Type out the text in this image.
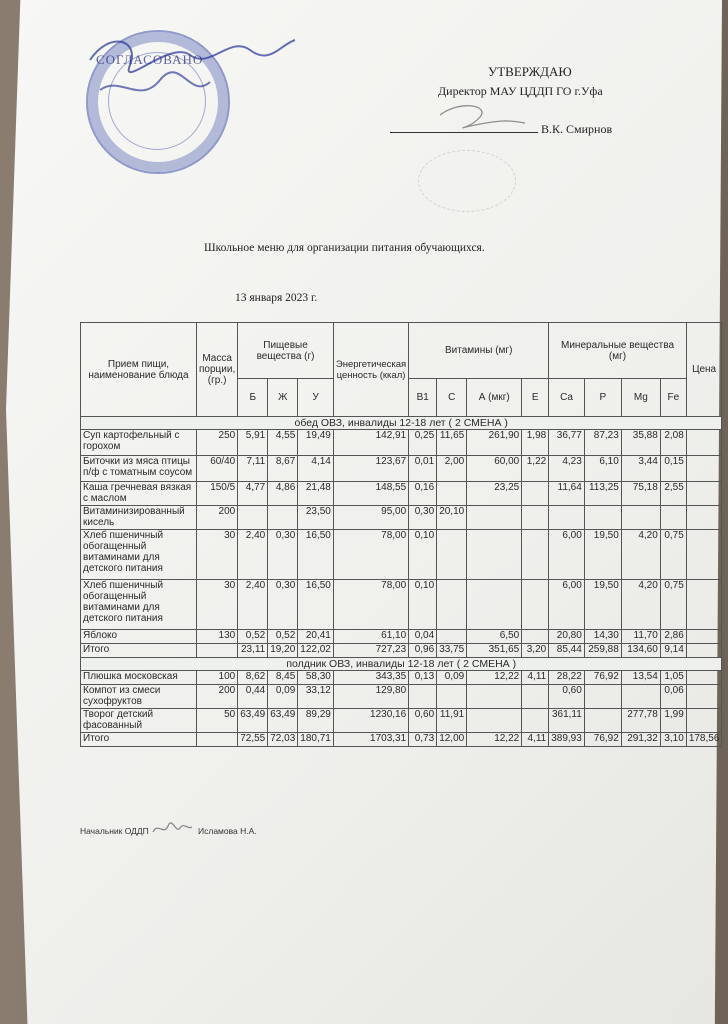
СОГЛАСОВАНО
УТВЕРЖДАЮ
Директор МАУ ЦДДП ГО г.Уфа
В.К. Смирнов
Школьное меню для организации питания обучающихся.
13 января 2023 г.
Прием пищи, наименование блюда	Масса порции, (гр.)	Пищевые вещества (г)			Энергетическая ценность (ккал)	Витамины (мг)				Минеральные вещества (мг)				Цена
		Б	Ж	У		B1	C	А (мкг)	Е	Ca	P	Mg	Fe	
обед ОВЗ, инвалиды 12-18 лет ( 2 СМЕНА )														
Суп картофельный с горохом	250	5,91	4,55	19,49	142,91	0,25	11,65	261,90	1,98	36,77	87,23	35,88	2,08	
Биточки из мяса птицы п/ф с томатным соусом	60/40	7,11	8,67	4,14	123,67	0,01	2,00	60,00	1,22	4,23	6,10	3,44	0,15	
Каша гречневая вязкая с маслом	150/5	4,77	4,86	21,48	148,55	0,16		23,25		11,64	113,25	75,18	2,55	
Витаминизированный кисель	200			23,50	95,00	0,30	20,10							
Хлеб пшеничный обогащенный витаминами для детского питания	30	2,40	0,30	16,50	78,00	0,10				6,00	19,50	4,20	0,75	
Хлеб пшеничный обогащенный витаминами для детского питания	30	2,40	0,30	16,50	78,00	0,10				6,00	19,50	4,20	0,75	
Яблоко	130	0,52	0,52	20,41	61,10	0,04		6,50		20,80	14,30	11,70	2,86	
Итого		23,11	19,20	122,02	727,23	0,96	33,75	351,65	3,20	85,44	259,88	134,60	9,14	
полдник ОВЗ, инвалиды 12-18 лет ( 2 СМЕНА )														
Плюшка московская	100	8,62	8,45	58,30	343,35	0,13	0,09	12,22	4,11	28,22	76,92	13,54	1,05	
Компот из смеси сухофруктов	200	0,44	0,09	33,12	129,80					0,60			0,06	
Творог детский фасованный	50	63,49	63,49	89,29	1230,16	0,60	11,91			361,11		277,78	1,99	
Итого		72,55	72,03	180,71	1703,31	0,73	12,00	12,22	4,11	389,93	76,92	291,32	3,10	178,56
Начальник ОДДП	Исламова Н.А.
